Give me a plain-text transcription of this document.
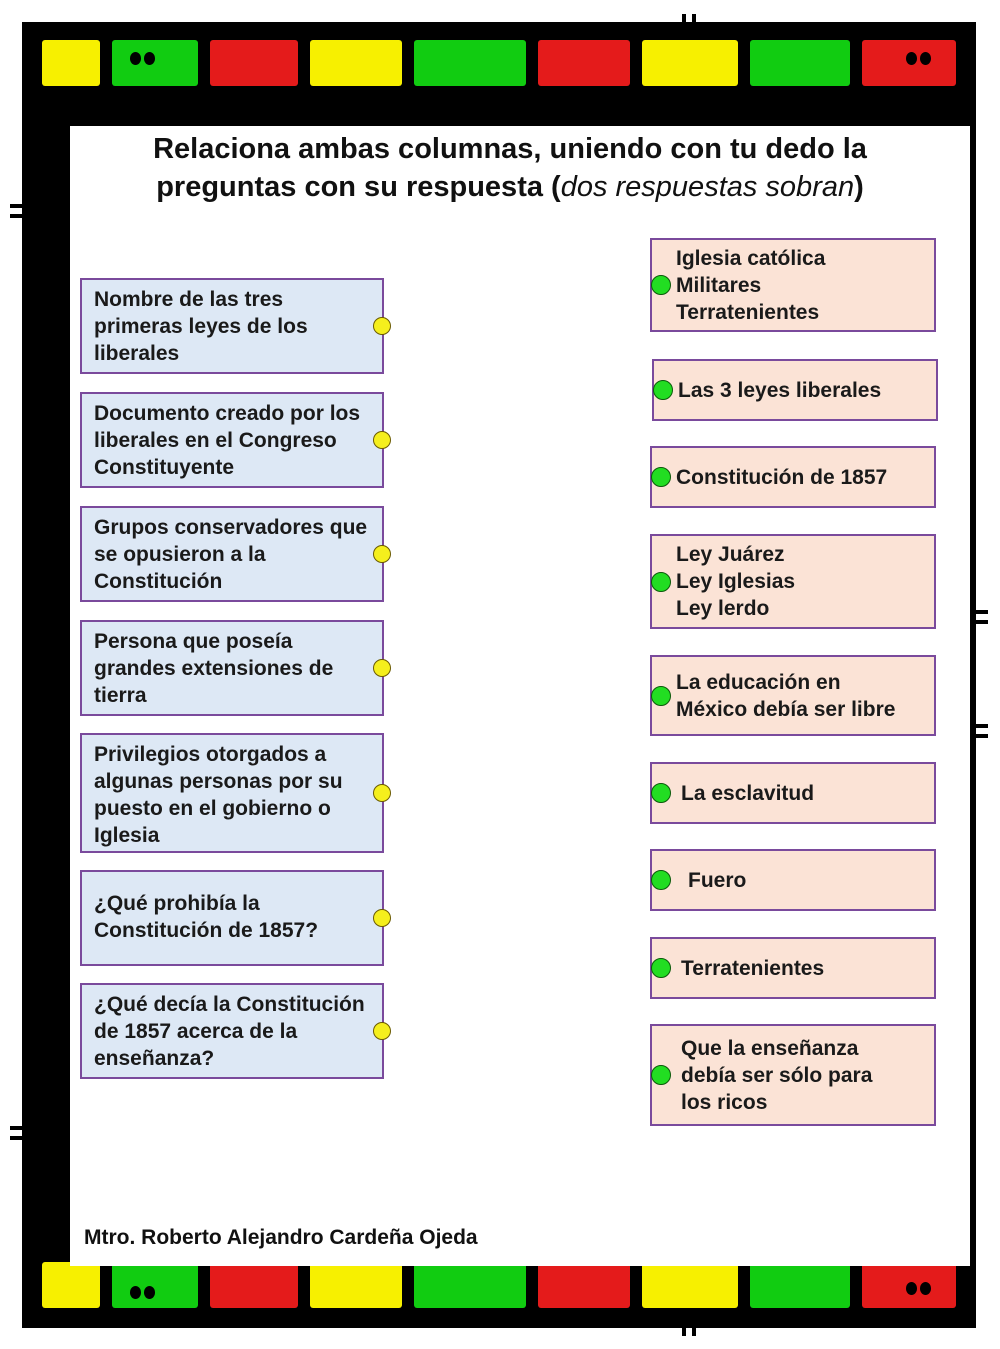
Relaciona ambas columnas, uniendo con tu dedo la
preguntas con su respuesta (dos respuestas sobran)
Nombre de las tres primeras leyes de los liberales
Documento creado por los liberales en el Congreso Constituyente
Grupos conservadores que se opusieron a la Constitución
Persona que poseía grandes extensiones de tierra
Privilegios otorgados a algunas personas por su puesto en el gobierno o Iglesia
¿Qué prohibía la Constitución de 1857?
¿Qué decía la Constitución de 1857 acerca de la enseñanza?
Iglesia católica
Militares
Terratenientes
Las 3 leyes liberales
Constitución de 1857
Ley Juárez
Ley Iglesias
Ley lerdo
La educación en
México debía ser libre
La esclavitud
Fuero
Terratenientes
Que la enseñanza
debía ser sólo para
los ricos
Mtro. Roberto Alejandro Cardeña Ojeda
